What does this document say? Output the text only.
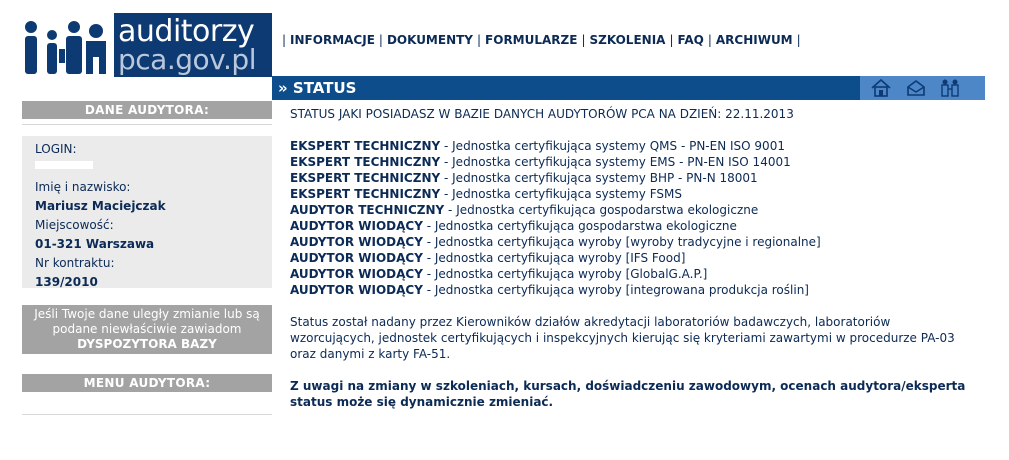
auditorzy
pca.gov.pl
| INFORMACJE | DOKUMENTY | FORMULARZE | SZKOLENIA | FAQ | ARCHIWUM |
» STATUS
DANE AUDYTORA:
LOGIN:
Imię i nazwisko:
Mariusz Maciejczak
Miejscowość:
01-321 Warszawa
Nr kontraktu:
139/2010
Jeśli Twoje dane uległy zmianie lub są
podane niewłaściwie zawiadom
DYSPOZYTORA BAZY
MENU AUDYTORA:
STATUS JAKI POSIADASZ W BAZIE DANYCH AUDYTORÓW PCA NA DZIEŃ: 22.11.2013
EKSPERT TECHNICZNY - Jednostka certyfikująca systemy QMS - PN-EN ISO 9001
EKSPERT TECHNICZNY - Jednostka certyfikująca systemy EMS - PN-EN ISO 14001
EKSPERT TECHNICZNY - Jednostka certyfikująca systemy BHP - PN-N 18001
EKSPERT TECHNICZNY - Jednostka certyfikująca systemy FSMS
AUDYTOR TECHNICZNY - Jednostka certyfikująca gospodarstwa ekologiczne
AUDYTOR WIODĄCY - Jednostka certyfikująca gospodarstwa ekologiczne
AUDYTOR WIODĄCY - Jednostka certyfikująca wyroby [wyroby tradycyjne i regionalne]
AUDYTOR WIODĄCY - Jednostka certyfikująca wyroby [IFS Food]
AUDYTOR WIODĄCY - Jednostka certyfikująca wyroby [GlobalG.A.P.]
AUDYTOR WIODĄCY - Jednostka certyfikująca wyroby [integrowana produkcja roślin]
Status został nadany przez Kierowników działów akredytacji laboratoriów badawczych, laboratoriów wzorcujących, jednostek certyfikujących i inspekcyjnych kierując się kryteriami zawartymi w procedurze PA-03 oraz danymi z karty FA-51.
Z uwagi na zmiany w szkoleniach, kursach, doświadczeniu zawodowym, ocenach audytora/eksperta status może się dynamicznie zmieniać.
